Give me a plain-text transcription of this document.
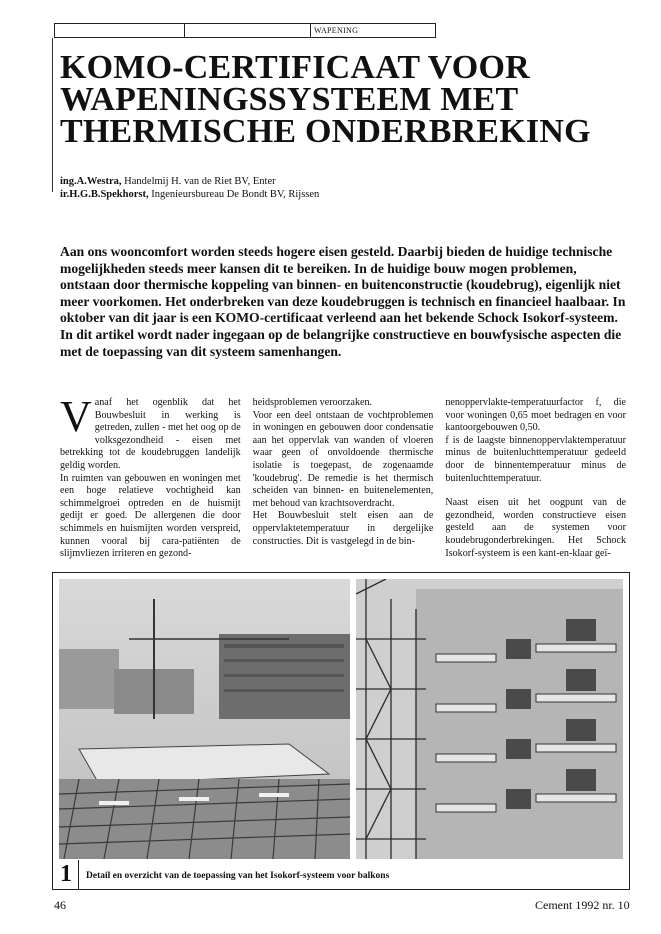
WAPENING
KOMO-CERTIFICAAT VOOR
WAPENINGSSYSTEEM MET
THERMISCHE ONDERBREKING
ing.A.Westra, Handelmij H. van de Riet BV, Enter
ir.H.G.B.Spekhorst, Ingenieursbureau De Bondt BV, Rijssen

Aan ons wooncomfort worden steeds hogere eisen gesteld. Daarbij bieden de huidige technische mogelijkheden steeds meer kansen dit te bereiken. In de huidige bouw mogen problemen, ontstaan door thermische koppeling van binnen- en buitenconstructie (koudebrug), eigenlijk niet meer voorkomen. Het onderbreken van deze koudebruggen is technisch en financieel haalbaar. In oktober van dit jaar is een KOMO-certificaat verleend aan het bekende Schock Isokorf-systeem. In dit artikel wordt nader ingegaan op de belangrijke constructieve en bouwfysische aspecten die met de toepassing van dit systeem samenhangen.

Vanaf het ogenblik dat het Bouwbesluit in werking is getreden, zullen - met het oog op de volksgezondheid - eisen met betrekking tot de koudebruggen landelijk geldig worden.

In ruimten van gebouwen en woningen met een hoge relatieve vochtigheid kan schimmelgroei optreden en de huismijt gedijt er goed. De allergenen die door schimmels en huismijten worden verspreid, kunnen vooral bij cara-patiënten de slijmvliezen irriteren en gezond-

heidsproblemen veroorzaken.

Voor een deel ontstaan de vochtproblemen in woningen en gebouwen door condensatie aan het oppervlak van wanden of vloeren waar geen of onvoldoende thermische isolatie is toegepast, de zogenaamde 'koudebrug'. De remedie is het thermisch scheiden van binnen- en buitenelementen, met behoud van krachtsoverdracht.

Het Bouwbesluit stelt eisen aan de oppervlaktetemperatuur in dergelijke constructies. Dit is vastgelegd in de bin-

nenoppervlakte-temperatuurfactor f, die voor woningen 0,65 moet bedragen en voor kantoorgebouwen 0,50.

f is de laagste binnenoppervlaktemperatuur minus de buitenluchttemperatuur gedeeld door de binnentemperatuur minus de buitenluchttemperatuur.

Naast eisen uit het oogpunt van de gezondheid, worden constructieve eisen gesteld aan de systemen voor koudebrugonderbrekingen. Het Schock Isokorf-systeem is een kant-en-klaar geï-

1 Detail en overzicht van de toepassing van het Isokorf-systeem voor balkons
46	Cement 1992 nr. 10
